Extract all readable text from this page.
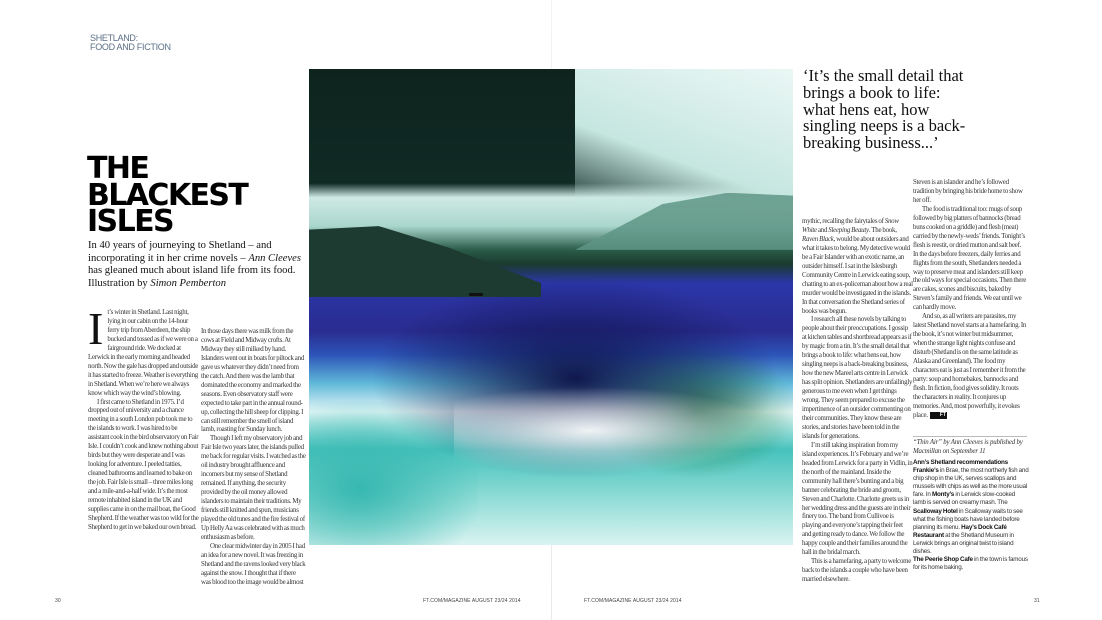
SHETLAND:
FOOD AND FICTION
THE
BLACKEST
ISLES
In 40 years of journeying to Shetland – and incorporating it in her crime novels – Ann Cleeves has gleaned much about island life from its food. Illustration by Simon Pemberton
I t’s winter in Shetland. Last night, lying in our cabin on the 14-hour ferry trip from Aberdeen, the ship bucked and tossed as if we were on a fairground ride. We docked at Lerwick in the early morning and headed north. Now the gale has dropped and outside it has started to freeze. Weather is everything in Shetland. When we’re here we always know which way the wind’s blowing.

I first came to Shetland in 1975. I’d dropped out of university and a chance meeting in a south London pub took me to the islands to work. I was hired to be assistant cook in the bird observatory on Fair Isle. I couldn’t cook and knew nothing about birds but they were desperate and I was looking for adventure. I peeled tatties, cleaned bathrooms and learned to bake on the job. Fair Isle is small – three miles long and a mile-and-a-half wide. It’s the most remote inhabited island in the UK and supplies came in on the mail boat, the Good Shepherd. If the weather was too wild for the Shepherd to get in we baked our own bread.

In those days there was milk from the cows at Field and Midway crofts. At Midway they still milked by hand. Islanders went out in boats for piltock and gave us whatever they didn’t need from the catch. And there was the lamb that dominated the economy and marked the seasons. Even observatory staff were expected to take part in the annual round-up, collecting the hill sheep for clipping. I can still remember the smell of island lamb, roasting for Sunday lunch.

Though I left my observatory job and Fair Isle two years later, the islands pulled me back for regular visits. I watched as the oil industry brought affluence and incomers but my sense of Shetland remained. If anything, the security provided by the oil money allowed islanders to maintain their traditions. My friends still knitted and spun, musicians played the old tunes and the fire festival of Up Helly Aa was celebrated with as much enthusiasm as before.

One clear midwinter day in 2005 I had an idea for a new novel. It was freezing in Shetland and the ravens looked very black against the snow. I thought that if there was blood too the image would be almost

‘It’s the small detail that brings a book to life: what hens eat, how singling neeps is a back-breaking business...’

mythic, recalling the fairytales of Snow White and Sleeping Beauty. The book, Raven Black, would be about outsiders and what it takes to belong. My detective would be a Fair Islander with an exotic name, an outsider himself. I sat in the Islesburgh Community Centre in Lerwick eating soup, chatting to an ex-policeman about how a real murder would be investigated in the islands. In that conversation the Shetland series of books was begun.

I research all these novels by talking to people about their preoccupations. I gossip at kitchen tables and shortbread appears as if by magic from a tin. It’s the small detail that brings a book to life: what hens eat, how singling neeps is a back-breaking business, how the new Mareel arts centre in Lerwick has split opinion. Shetlanders are unfailingly generous to me even when I get things wrong. They seem prepared to excuse the impertinence of an outsider commenting on their communities. They know these are stories, and stories have been told in the islands for generations.

I’m still taking inspiration from my island experiences. It’s February and we’re headed from Lerwick for a party in Vidlin, in the north of the mainland. Inside the community hall there’s bunting and a big banner celebrating the bride and groom, Steven and Charlotte. Charlotte greets us in her wedding dress and the guests are in their finery too. The band from Cullivoe is playing and everyone’s tapping their feet and getting ready to dance. We follow the happy couple and their families around the hall in the bridal march.

This is a hamefaring, a party to welcome back to the islands a couple who have been married elsewhere.

Steven is an islander and he’s followed tradition by bringing his bride home to show her off.

The food is traditional too: mugs of soup followed by big platters of bannocks (bread buns cooked on a griddle) and flesh (meat) carried by the newly-weds’ friends. Tonight’s flesh is reestit, or dried mutton and salt beef. In the days before freezers, daily ferries and flights from the south, Shetlanders needed a way to preserve meat and islanders still keep the old ways for special occasions. Then there are cakes, scones and biscuits, baked by Steven’s family and friends. We eat until we can hardly move.

And so, as all writers are parasites, my latest Shetland novel starts at a hamefaring. In the book, it’s not winter but midsummer, when the strange light nights confuse and disturb (Shetland is on the same latitude as Alaska and Greenland). The food my characters eat is just as I remember it from the party: soup and homebakes, bannocks and flesh. In fiction, food gives solidity. It roots the characters in reality. It conjures up memories. And, most powerfully, it evokes place. FT

“Thin Air” by Ann Cleeves is published by Macmillan on September 11
Ann’s Shetland recommendations
Frankie’s in Brae, the most northerly fish and chip shop in the UK, serves scallops and mussels with chips as well as the more usual fare. In Monty’s in Lerwick slow-cooked lamb is served on creamy mash. The Scalloway Hotel in Scalloway waits to see what the fishing boats have landed before planning its menu. Hay’s Dock Café Restaurant at the Shetland Museum in Lerwick brings an original twist to island dishes.
The Peerie Shop Cafe in the town is famous for its home baking.
30	FT.COM/MAGAZINE AUGUST 23/24 2014	FT.COM/MAGAZINE AUGUST 23/24 2014	31
